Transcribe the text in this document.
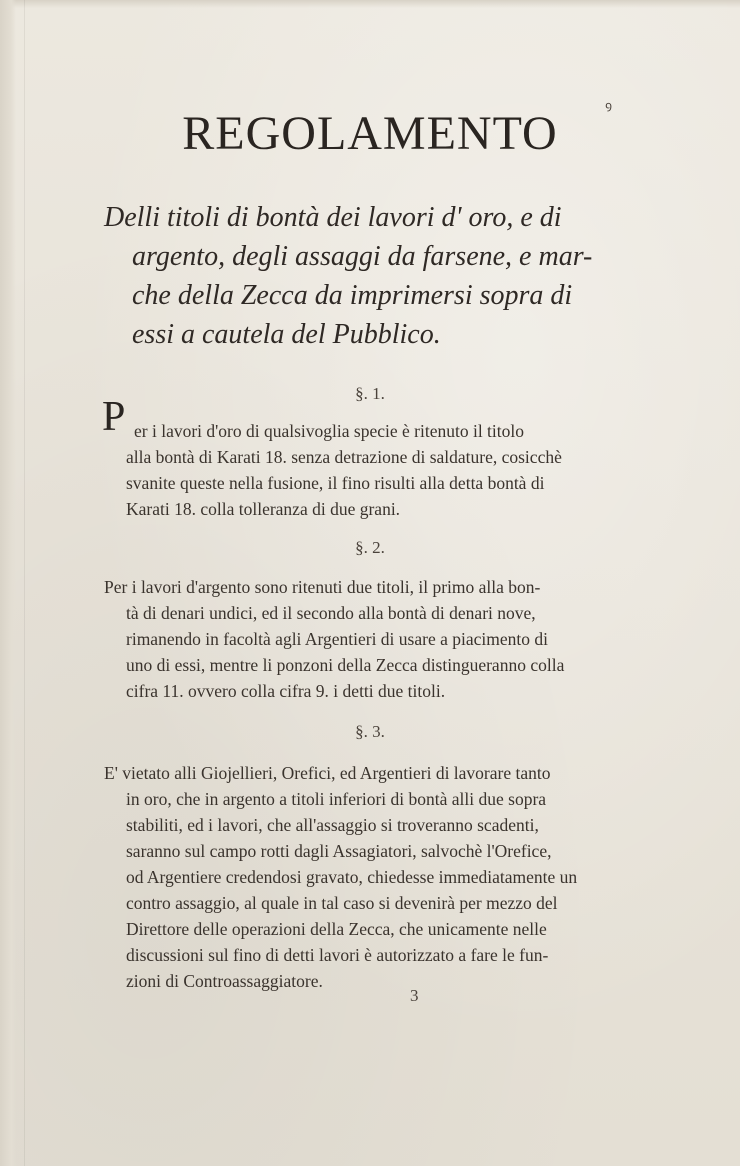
ꝰ
REGOLAMENTO
Delli titoli di bontà dei lavori d' oro, e di
argento, degli assaggi da farsene, e mar-
che della Zecca da imprimersi sopra di
essi a cautela del Pubblico.
§. 1.
P er i lavori d'oro di qualsivoglia specie è ritenuto il titolo
alla bontà di Karati 18. senza detrazione di saldature, cosicchè
svanite queste nella fusione, il fino risulti alla detta bontà di
Karati 18. colla tolleranza di due grani.
§. 2.
Per i lavori d'argento sono ritenuti due titoli, il primo alla bon-
tà di denari undici, ed il secondo alla bontà di denari nove,
rimanendo in facoltà agli Argentieri di usare a piacimento di
uno di essi, mentre li ponzoni della Zecca distingueranno colla
cifra 11. ovvero colla cifra 9. i detti due titoli.
§. 3.
E' vietato alli Giojellieri, Orefici, ed Argentieri di lavorare tanto
in oro, che in argento a titoli inferiori di bontà alli due sopra
stabiliti, ed i lavori, che all'assaggio si troveranno scadenti,
saranno sul campo rotti dagli Assagiatori, salvochè l'Orefice,
od Argentiere credendosi gravato, chiedesse immediatamente un
contro assaggio, al quale in tal caso si devenirà per mezzo del
Direttore delle operazioni della Zecca, che unicamente nelle
discussioni sul fino di detti lavori è autorizzato a fare le fun-
zioni di Controassaggiatore.
3
